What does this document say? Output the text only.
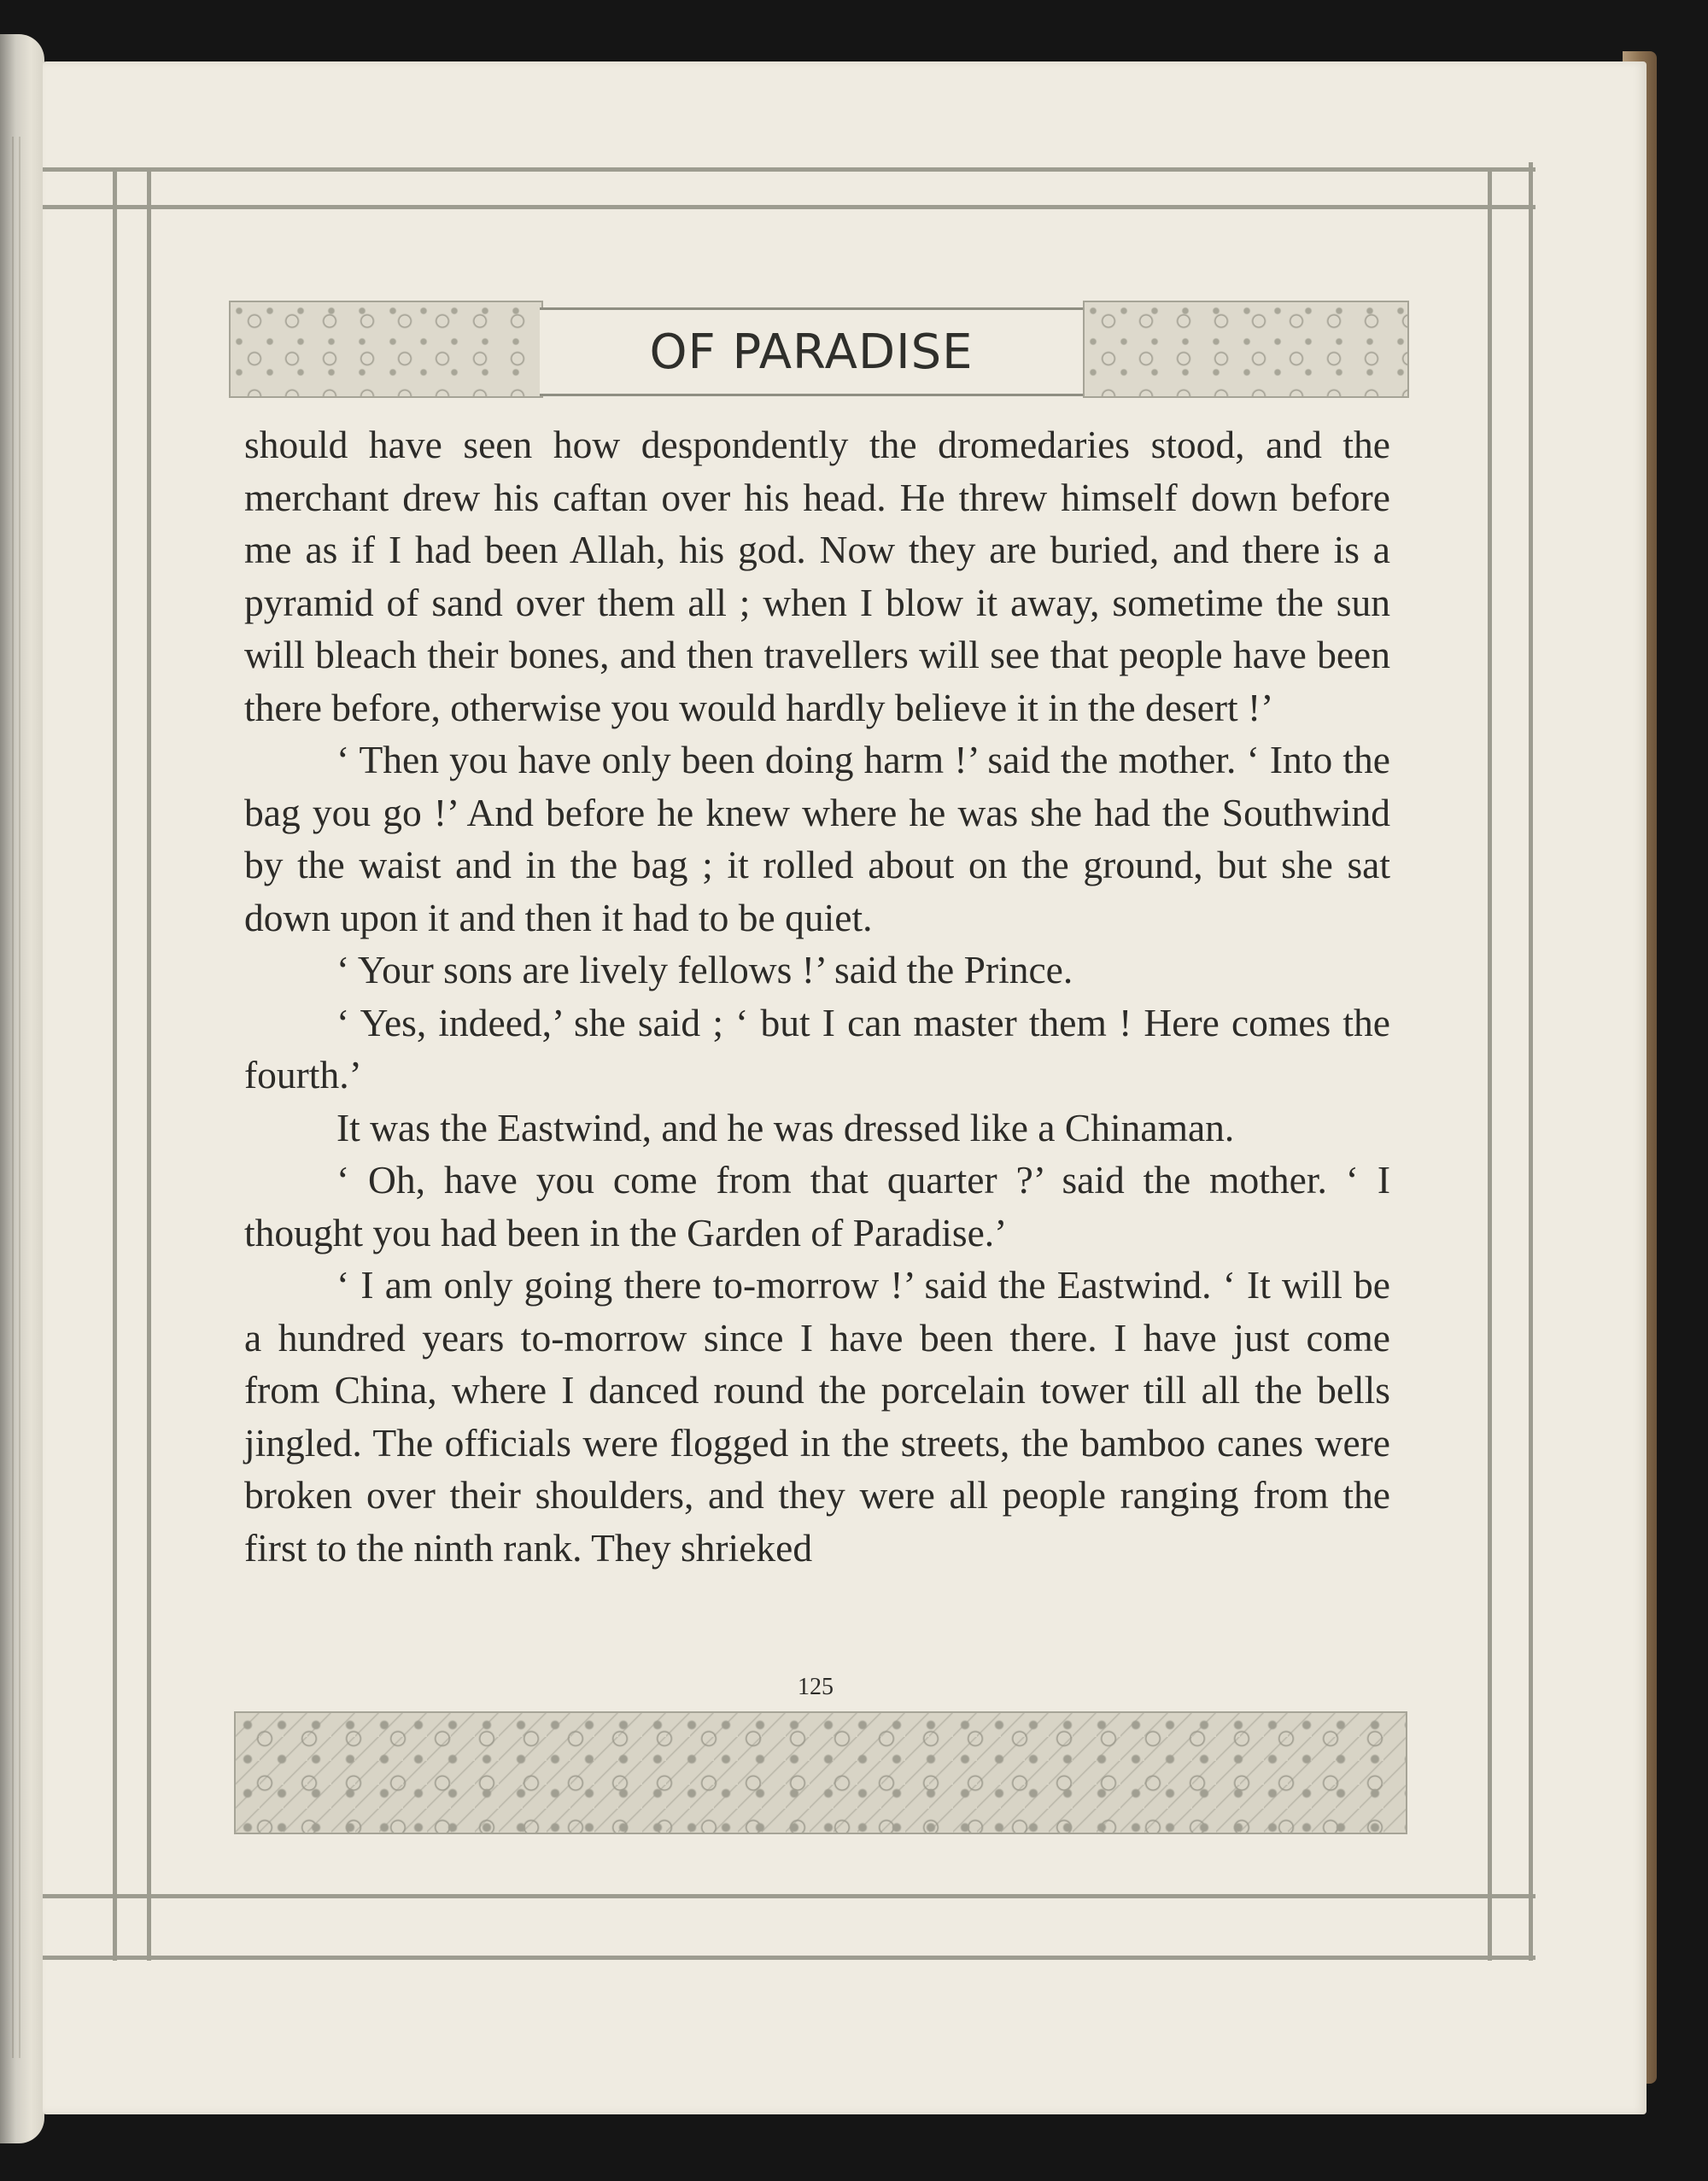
OF PARADISE

should have seen how despondently the dromedaries stood, and the merchant drew his caftan over his head. He threw himself down before me as if I had been Allah, his god. Now they are buried, and there is a pyramid of sand over them all ; when I blow it away, sometime the sun will bleach their bones, and then travellers will see that people have been there before, otherwise you would hardly believe it in the desert !’

‘ Then you have only been doing harm !’ said the mother. ‘ Into the bag you go !’ And before he knew where he was she had the Southwind by the waist and in the bag ; it rolled about on the ground, but she sat down upon it and then it had to be quiet.

‘ Your sons are lively fellows !’ said the Prince.

‘ Yes, indeed,’ she said ; ‘ but I can master them ! Here comes the fourth.’

It was the Eastwind, and he was dressed like a Chinaman.

‘ Oh, have you come from that quarter ?’ said the mother. ‘ I thought you had been in the Garden of Paradise.’

‘ I am only going there to-morrow !’ said the Eastwind. ‘ It will be a hundred years to-morrow since I have been there. I have just come from China, where I danced round the porcelain tower till all the bells jingled. The officials were flogged in the streets, the bamboo canes were broken over their shoulders, and they were all people ranging from the first to the ninth rank. They shrieked

125
